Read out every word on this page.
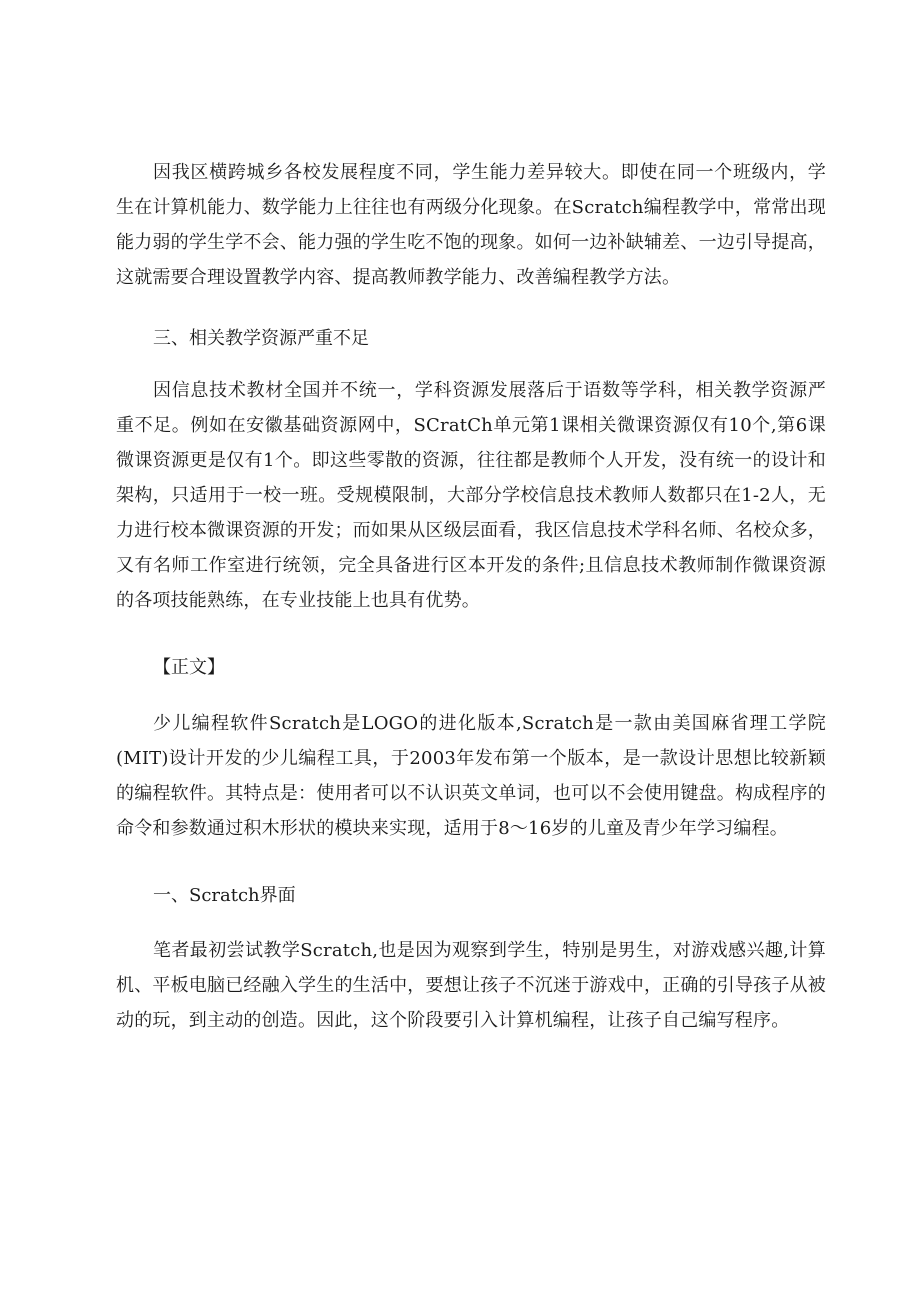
因我区横跨城乡各校发展程度不同，学生能力差异较大。即使在同一个班级内，学生在计算机能力、数学能力上往往也有两级分化现象。在Scratch编程教学中，常常出现能力弱的学生学不会、能力强的学生吃不饱的现象。如何一边补缺辅差、一边引导提高，这就需要合理设置教学内容、提高教师教学能力、改善编程教学方法。

三、相关教学资源严重不足

因信息技术教材全国并不统一，学科资源发展落后于语数等学科，相关教学资源严重不足。例如在安徽基础资源网中，SCratCh单元第1课相关微课资源仅有10个,第6课微课资源更是仅有1个。即这些零散的资源，往往都是教师个人开发，没有统一的设计和架构，只适用于一校一班。受规模限制，大部分学校信息技术教师人数都只在1-2人，无力进行校本微课资源的开发；而如果从区级层面看，我区信息技术学科名师、名校众多，又有名师工作室进行统领，完全具备进行区本开发的条件;且信息技术教师制作微课资源的各项技能熟练，在专业技能上也具有优势。

【正文】

少儿编程软件Scratch是LOGO的进化版本,Scratch是一款由美国麻省理工学院(MIT)设计开发的少儿编程工具，于2003年发布第一个版本，是一款设计思想比较新颖的编程软件。其特点是：使用者可以不认识英文单词，也可以不会使用键盘。构成程序的命令和参数通过积木形状的模块来实现，适用于8〜16岁的儿童及青少年学习编程。

一、Scratch界面

笔者最初尝试教学Scratch,也是因为观察到学生，特别是男生，对游戏感兴趣,计算机、平板电脑已经融入学生的生活中，要想让孩子不沉迷于游戏中，正确的引导孩子从被动的玩，到主动的创造。因此，这个阶段要引入计算机编程，让孩子自己编写程序。
